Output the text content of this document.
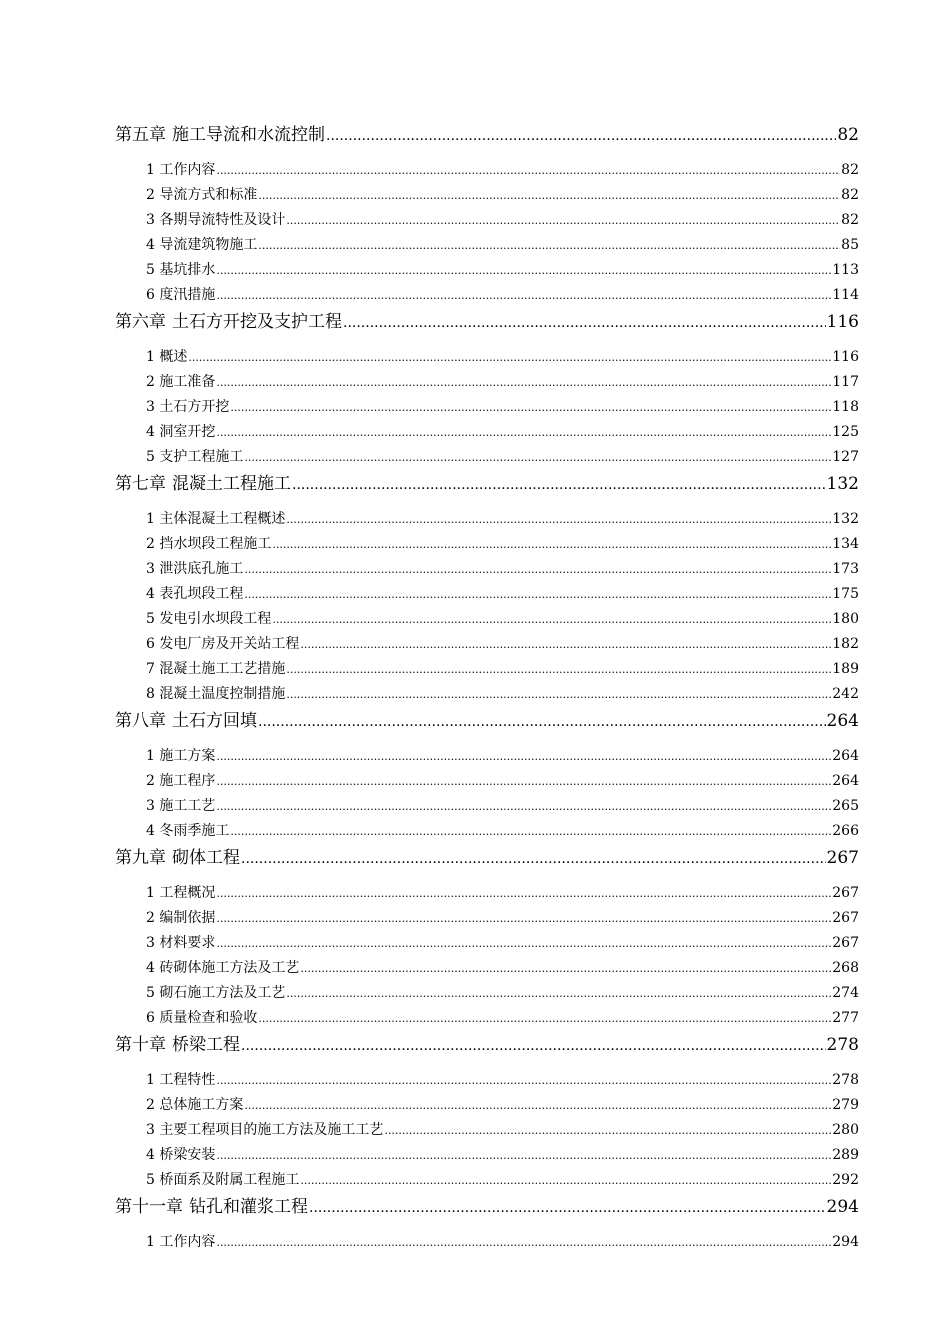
第五章 施工导流和水流控制 .....	82
1 工作内容 .....	82
2 导流方式和标准 .....	82
3 各期导流特性及设计 .....	82
4 导流建筑物施工 .....	85
5 基坑排水 .....	113
6 度汛措施 .....	114
第六章 土石方开挖及支护工程 .....	116
1 概述 .....	116
2 施工准备 .....	117
3 土石方开挖 .....	118
4 洞室开挖 .....	125
5 支护工程施工 .....	127
第七章 混凝土工程施工 .....	132
1 主体混凝土工程概述 .....	132
2 挡水坝段工程施工 .....	134
3 泄洪底孔施工 .....	173
4 表孔坝段工程 .....	175
5 发电引水坝段工程 .....	180
6 发电厂房及开关站工程 .....	182
7 混凝土施工工艺措施 .....	189
8 混凝土温度控制措施 .....	242
第八章 土石方回填 .....	264
1 施工方案 .....	264
2 施工程序 .....	264
3 施工工艺 .....	265
4 冬雨季施工 .....	266
第九章 砌体工程 .....	267
1 工程概况 .....	267
2 编制依据 .....	267
3 材料要求 .....	267
4 砖砌体施工方法及工艺 .....	268
5 砌石施工方法及工艺 .....	274
6 质量检查和验收 .....	277
第十章 桥梁工程 .....	278
1 工程特性 .....	278
2 总体施工方案 .....	279
3 主要工程项目的施工方法及施工工艺 .....	280
4 桥梁安装 .....	289
5 桥面系及附属工程施工 .....	292
第十一章 钻孔和灌浆工程 .....	294
1 工作内容 .....	294
